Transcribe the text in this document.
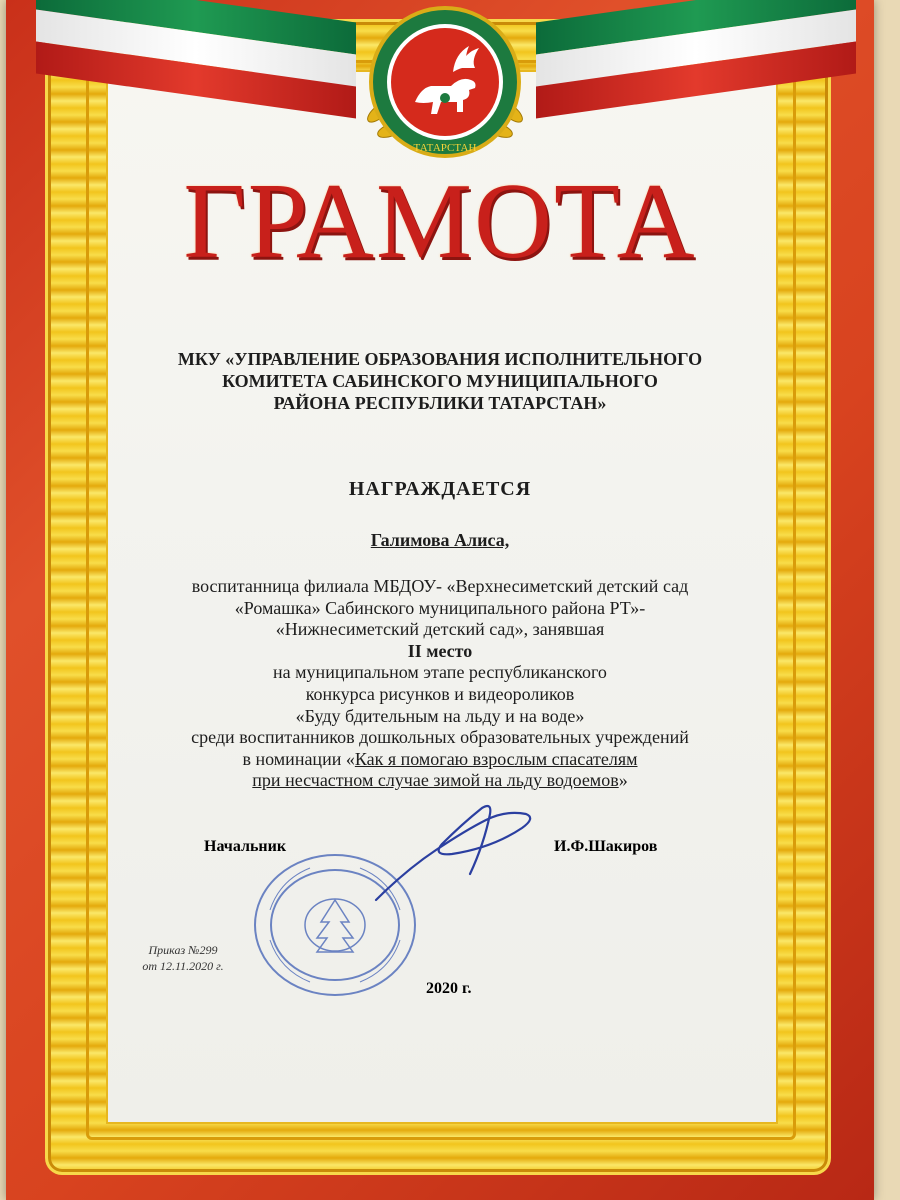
ТАТАРСТАН
ГРАМОТА
МКУ «УПРАВЛЕНИЕ ОБРАЗОВАНИЯ ИСПОЛНИТЕЛЬНОГО
КОМИТЕТА САБИНСКОГО МУНИЦИПАЛЬНОГО
РАЙОНА РЕСПУБЛИКИ ТАТАРСТАН»
НАГРАЖДАЕТСЯ
Галимова Алиса,
воспитанница филиала МБДОУ- «Верхнесиметский детский сад
«Ромашка» Сабинского муниципального района РТ»-
«Нижнесиметский детский сад», занявшая
II место
на муниципальном этапе республиканского
конкурса рисунков и видеороликов
«Буду бдительным на льду и на воде»
среди воспитанников дошкольных образовательных учреждений
в номинации «Как я помогаю взрослым спасателям
при несчастном случае зимой на льду водоемов»
Начальник	И.Ф.Шакиров
Приказ №299
от 12.11.2020 г.
2020 г.
